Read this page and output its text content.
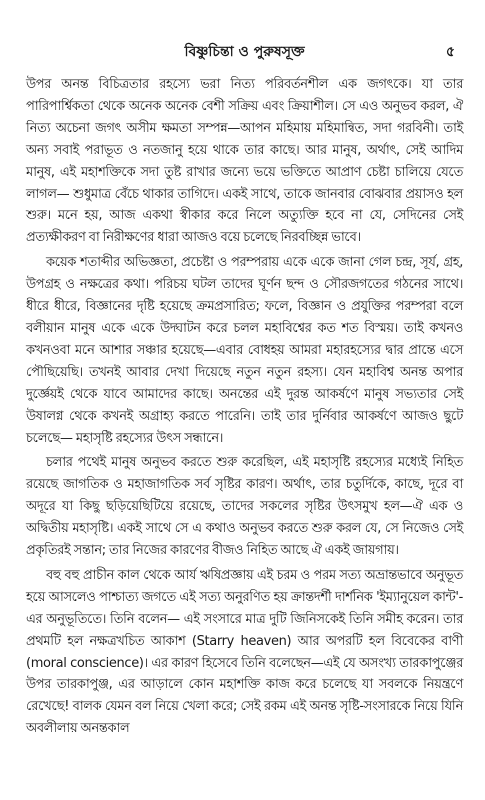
বিষ্ণুচিন্তা ও পুরুষসূক্ত	৫

উপর অনন্ত বিচিত্রতার রহস্যে ভরা নিত্য পরিবর্তনশীল এক জগৎকে। যা তার পারিপার্শ্বিকতা থেকে অনেক অনেক বেশী সক্রিয় এবং ক্রিয়াশীল। সে এও অনুভব করল, ঐ নিত্য অচেনা জগৎ অসীম ক্ষমতা সম্পন্ন—আপন মহিমায় মহিমান্বিত, সদা গরবিনী। তাই অন্য সবাই পরাভূত ও নতজানু হয়ে থাকে তার কাছে। আর মানুষ, অর্থাৎ, সেই আদিম মানুষ, এই মহাশক্তিকে সদা তুষ্ট রাখার জন্যে ভয়ে ভক্তিতে আপ্রাণ চেষ্টা চালিয়ে যেতে লাগল— শুধুমাত্র বেঁচে থাকার তাগিদে। একই সাথে, তাকে জানবার বোঝবার প্রয়াসও হল শুরু। মনে হয়, আজ একথা স্বীকার করে নিলে অত্যুক্তি হবে না যে, সেদিনের সেই প্রত্যক্ষীকরণ বা নিরীক্ষণের ধারা আজও বয়ে চলেছে নিরবচ্ছিন্ন ভাবে।

কয়েক শতাব্দীর অভিজ্ঞতা, প্রচেষ্টা ও পরম্পরায় একে একে জানা গেল চন্দ্র, সূর্য, গ্রহ, উপগ্রহ ও নক্ষত্রের কথা। পরিচয় ঘটল তাদের ঘূর্ণন ছন্দ ও সৌরজগতের গঠনের সাথে। ধীরে ধীরে, বিজ্ঞানের দৃষ্টি হয়েছে ক্রমপ্রসারিত; ফলে, বিজ্ঞান ও প্রযুক্তির পরম্পরা বলে বলীয়ান মানুষ একে একে উদ্ঘাটন করে চলল মহাবিশ্বের কত শত বিস্ময়। তাই কখনও কখনওবা মনে আশার সঞ্চার হয়েছে—এবার বোধহয় আমরা মহারহস্যের দ্বার প্রান্তে এসে পৌছিয়েছি। তখনই আবার দেখা দিয়েছে নতুন নতুন রহস্য। যেন মহাবিশ্ব অনন্ত অপার দুর্জ্ঞেয়ই থেকে যাবে আমাদের কাছে। অনন্তের এই দুরন্ত আকর্ষণে মানুষ সভ্যতার সেই উষালগ্ন থেকে কখনই অগ্রাহ্য করতে পারেনি। তাই তার দুর্নিবার আকর্ষণে আজও ছুটে চলেছে— মহাসৃষ্টি রহস্যের উৎস সন্ধানে।

চলার পথেই মানুষ অনুভব করতে শুরু করেছিল, এই মহাসৃষ্টি রহস্যের মধ্যেই নিহিত রয়েছে জাগতিক ও মহাজাগতিক সর্ব সৃষ্টির কারণ। অর্থাৎ, তার চতুর্দিকে, কাছে, দূরে বা অদূরে যা কিছু ছড়িয়েছিটিয়ে রয়েছে, তাদের সকলের সৃষ্টির উৎসমুখ হল—ঐ এক ও অদ্বিতীয় মহাসৃষ্টি। একই সাথে সে এ কথাও অনুভব করতে শুরু করল যে, সে নিজেও সেই প্রকৃতিরই সন্তান; তার নিজের কারণের বীজও নিহিত আছে ঐ একই জায়গায়।

বহু বহু প্রাচীন কাল থেকে আর্য ঋষিপ্রজ্ঞায় এই চরম ও পরম সত্য অভ্রান্তভাবে অনুভূত হয়ে আসলেও পাশ্চাত্য জগতে এই সত্য অনুরণিত হয় ক্রান্তদর্শী দার্শনিক 'ইম্যানুয়েল কান্ট'-এর অনুভূতিতে। তিনি বলেন— এই সংসারে মাত্র দুটি জিনিসকেই তিনি সমীহ করেন। তার প্রথমটি হল নক্ষত্রখচিত আকাশ (Starry heaven) আর অপরটি হল বিবেকের বাণী (moral conscience)। এর কারণ হিসেবে তিনি বলেছেন—এই যে অসংখ্য তারকাপুঞ্জের উপর তারকাপুঞ্জ, এর আড়ালে কোন মহাশক্তি কাজ করে চলেছে যা সবলকে নিয়ন্ত্রণে রেখেছে! বালক যেমন বল নিয়ে খেলা করে; সেই রকম এই অনন্ত সৃষ্টি-সংসারকে নিয়ে যিনি অবলীলায় অনন্তকাল
